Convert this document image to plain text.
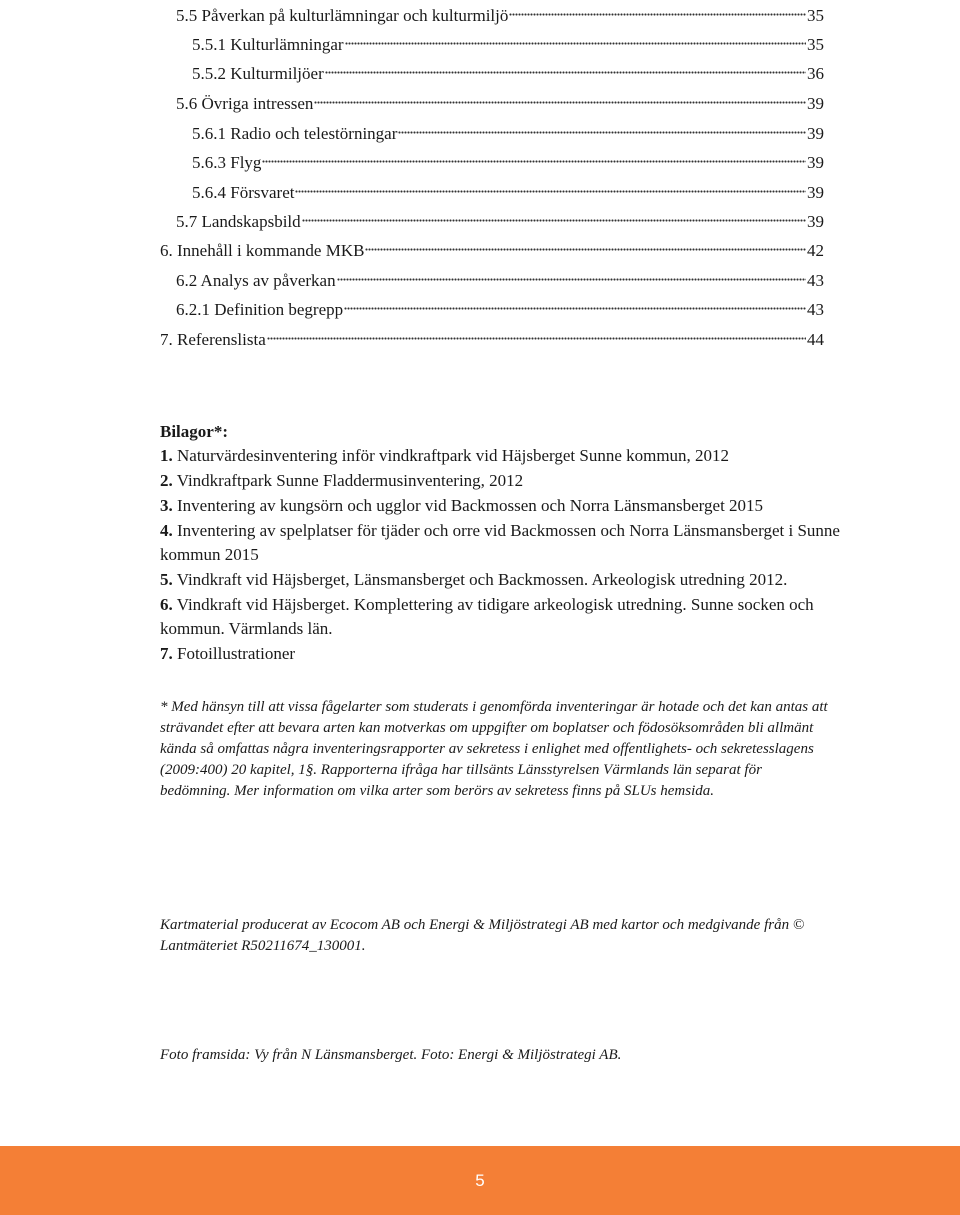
5.5 Påverkan på kulturlämningar och kulturmiljö	35
5.5.1 Kulturlämningar	35
5.5.2 Kulturmiljöer	36
5.6 Övriga intressen	39
5.6.1 Radio och telestörningar	39
5.6.3 Flyg	39
5.6.4 Försvaret	39
5.7 Landskapsbild	39
6. Innehåll i kommande MKB	42
6.2 Analys av påverkan	43
6.2.1 Definition begrepp	43
7. Referenslista	44
Bilagor*:
1. Naturvärdesinventering inför vindkraftpark vid Häjsberget Sunne kommun, 2012
2. Vindkraftpark Sunne Fladdermusinventering, 2012
3. Inventering av kungsörn och ugglor vid Backmossen och Norra Länsmansberget 2015
4. Inventering av spelplatser för tjäder och orre vid Backmossen och Norra Länsmansberget i Sunne kommun 2015
5. Vindkraft vid Häjsberget, Länsmansberget och Backmossen. Arkeologisk utredning 2012.
6. Vindkraft vid Häjsberget. Komplettering av tidigare arkeologisk utredning. Sunne socken och kommun. Värmlands län.
7. Fotoillustrationer

* Med hänsyn till att vissa fågelarter som studerats i genomförda inventeringar är hotade och det kan antas att strävandet efter att bevara arten kan motverkas om uppgifter om boplatser och födosöksområden bli allmänt kända så omfattas några inventeringsrapporter av sekretess i enlighet med offentlighets- och sekretesslagens (2009:400) 20 kapitel, 1§. Rapporterna ifråga har tillsänts Länsstyrelsen Värmlands län separat för bedömning. Mer information om vilka arter som berörs av sekretess finns på SLUs hemsida.

Kartmaterial producerat av Ecocom AB och Energi & Miljöstrategi AB med kartor och medgivande från © Lantmäteriet R50211674_130001.

Foto framsida: Vy från N Länsmansberget. Foto: Energi & Miljöstrategi AB.

5
